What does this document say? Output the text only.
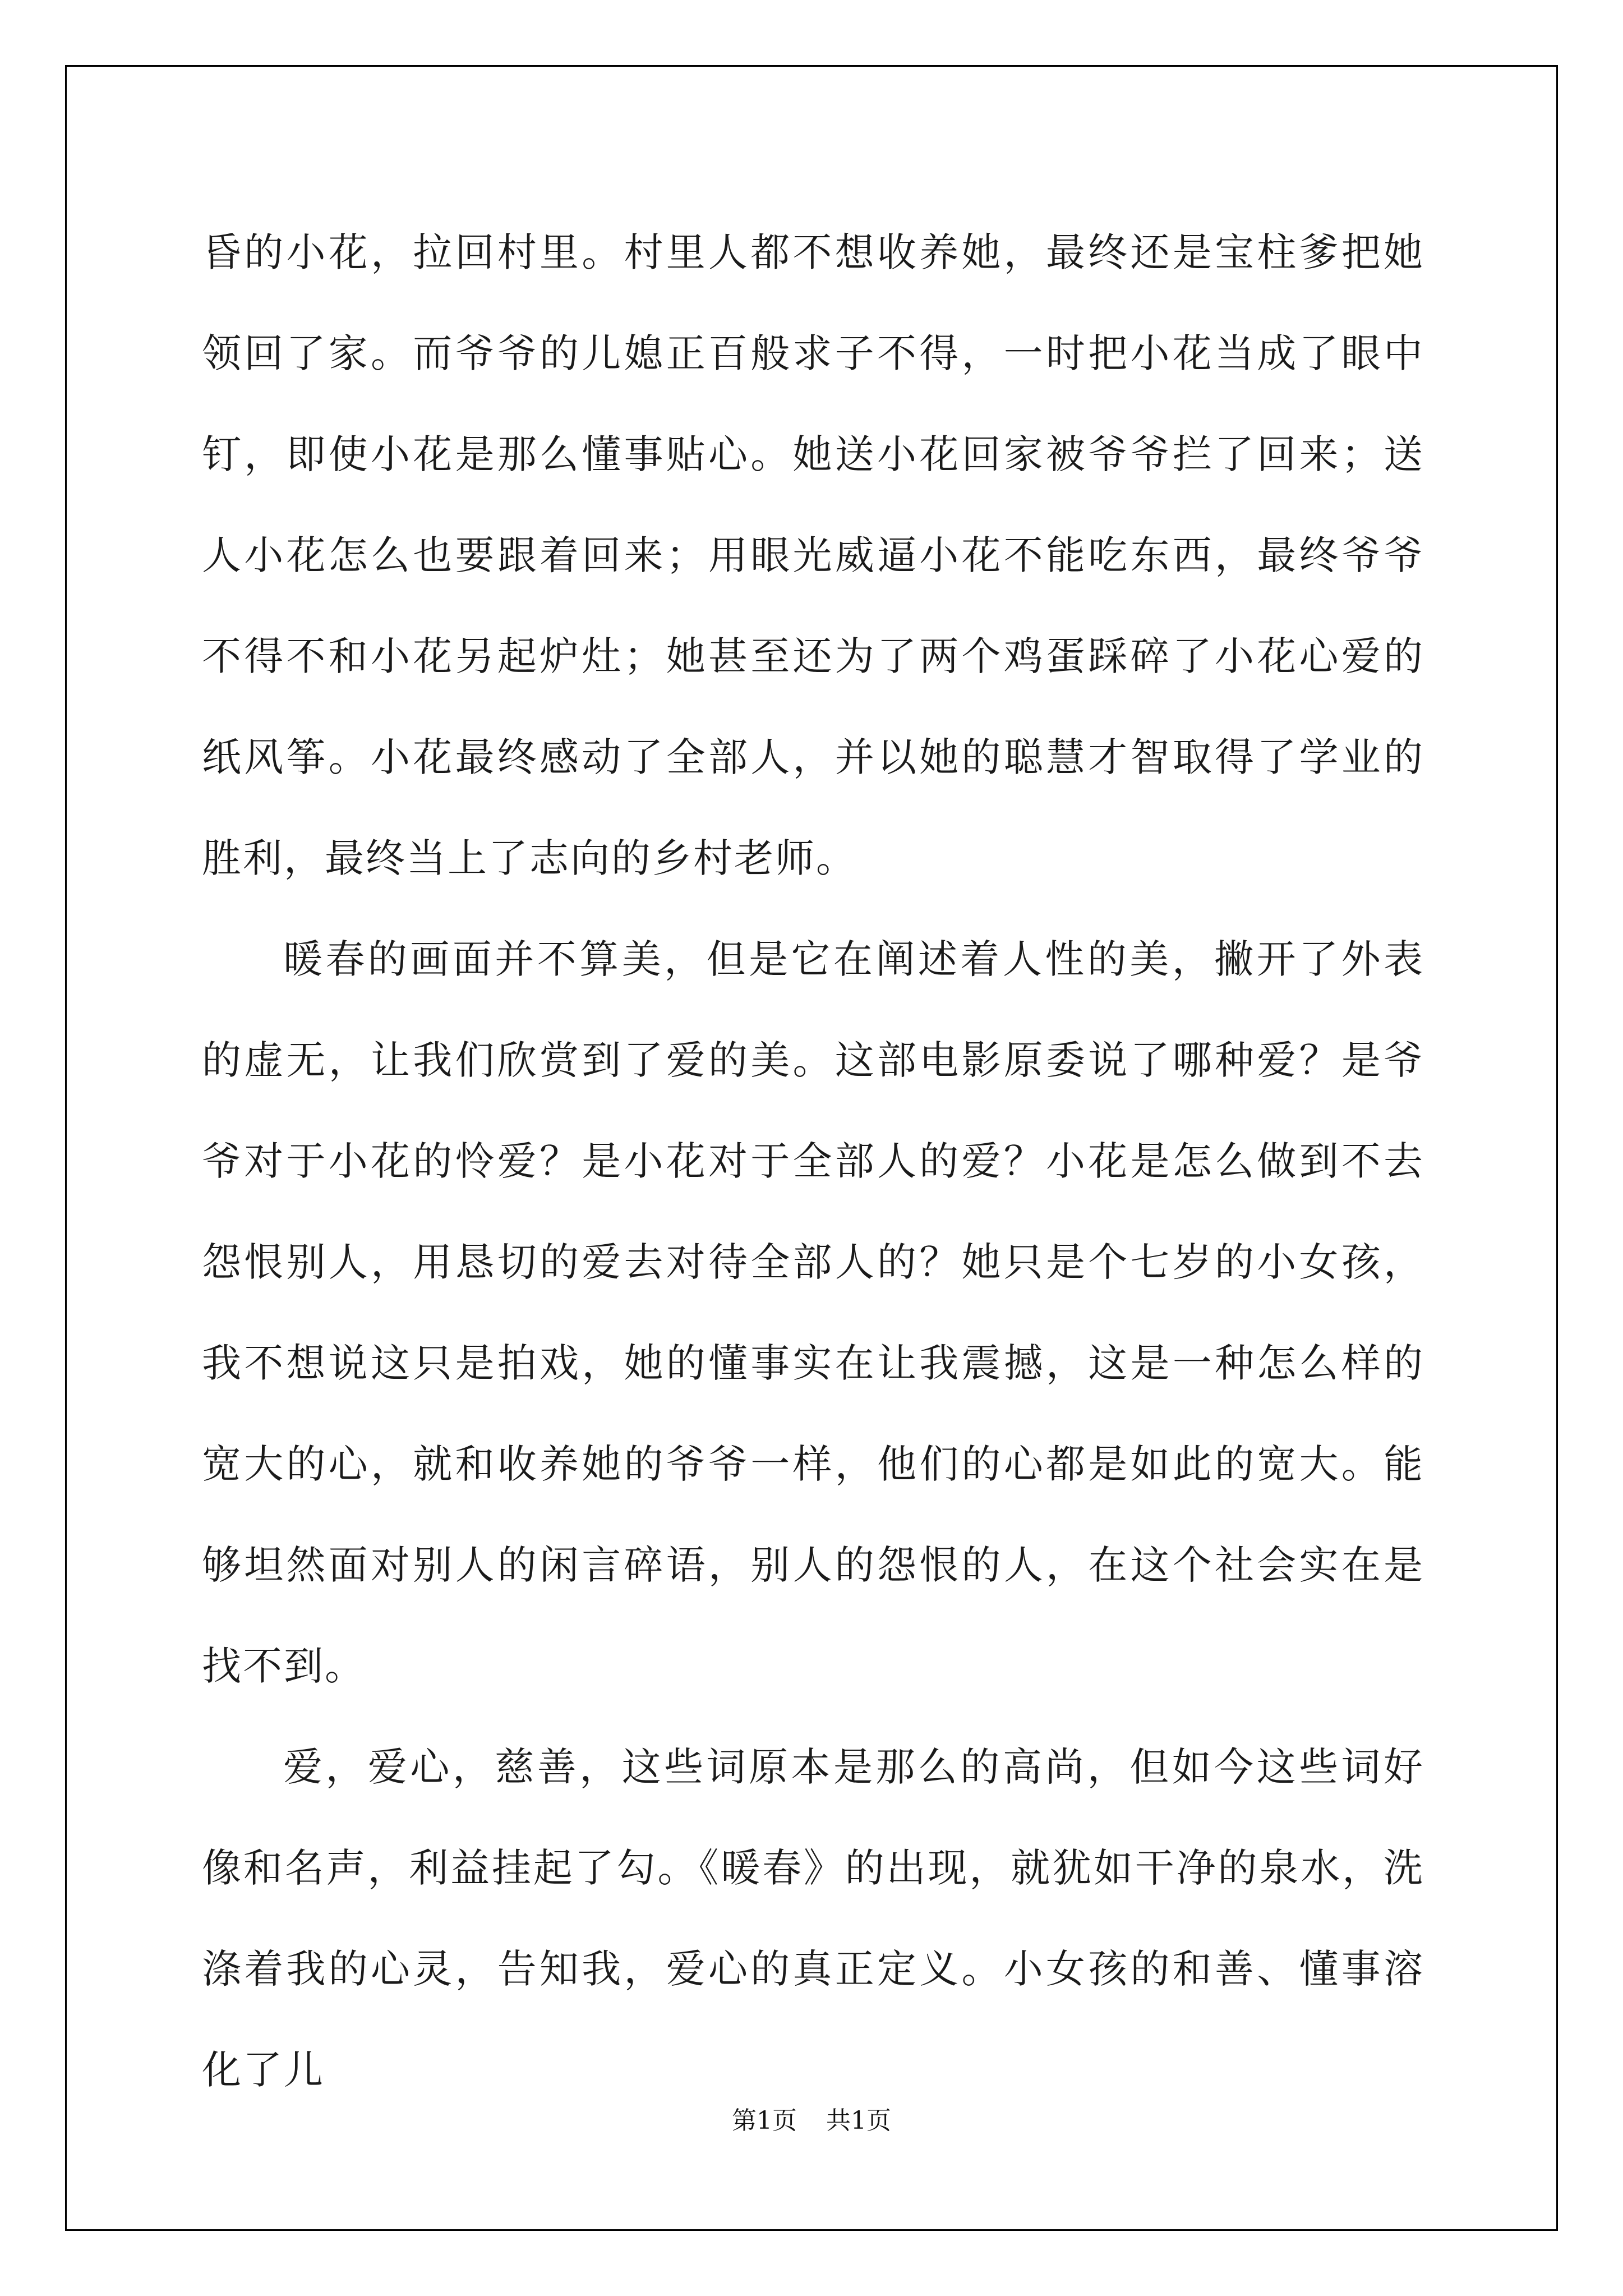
昏的小花，拉回村里。村里人都不想收养她，最终还是宝柱爹把她领回了家。而爷爷的儿媳正百般求子不得，一时把小花当成了眼中钉，即使小花是那么懂事贴心。她送小花回家被爷爷拦了回来；送人小花怎么也要跟着回来；用眼光威逼小花不能吃东西，最终爷爷不得不和小花另起炉灶；她甚至还为了两个鸡蛋踩碎了小花心爱的纸风筝。小花最终感动了全部人，并以她的聪慧才智取得了学业的胜利，最终当上了志向的乡村老师。

暖春的画面并不算美，但是它在阐述着人性的美，撇开了外表的虚无，让我们欣赏到了爱的美。这部电影原委说了哪种爱？是爷爷对于小花的怜爱？是小花对于全部人的爱？小花是怎么做到不去怨恨别人，用恳切的爱去对待全部人的？她只是个七岁的小女孩，我不想说这只是拍戏，她的懂事实在让我震撼，这是一种怎么样的宽大的心，就和收养她的爷爷一样，他们的心都是如此的宽大。能够坦然面对别人的闲言碎语，别人的怨恨的人，在这个社会实在是找不到。

爱，爱心，慈善，这些词原本是那么的高尚，但如今这些词好像和名声，利益挂起了勾。《暖春》的出现，就犹如干净的泉水，洗涤着我的心灵，告知我，爱心的真正定义。小女孩的和善、懂事溶化了儿

第1页 共1页
